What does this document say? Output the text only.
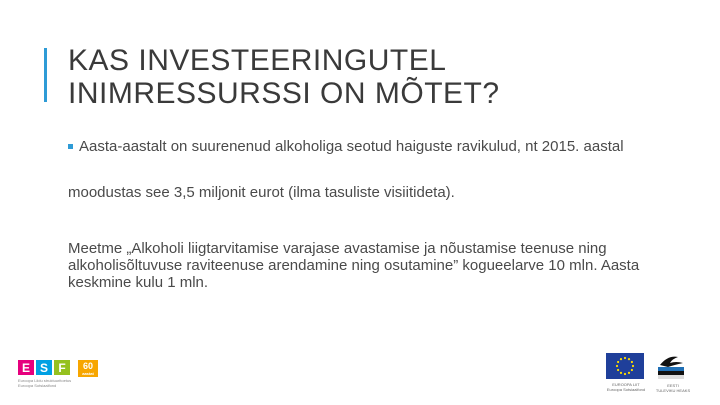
KAS INVESTEERINGUTEL
INIMRESSURSSI ON MÕTET?
Aasta-aastalt on suurenenud alkoholiga seotud haiguste ravikulud, nt 2015. aastal
moodustas see 3,5 miljonit eurot (ilma tasuliste visiitideta).
Meetme „Alkoholi liigtarvitamise varajase avastamise ja nõustamise teenuse ning alkoholisõltuvuse raviteenuse arendamine ning osutamine” kogueelarve 10 mln. Aasta keskmine kulu 1 mln.
E S F	60
aastat
Euroopa Liidu struktuuritoetus
Euroopa Sotsiaalfond	EUROOPA LIIT
Euroopa Sotsiaalfond
EESTI
TULEVIKU HEAKS
